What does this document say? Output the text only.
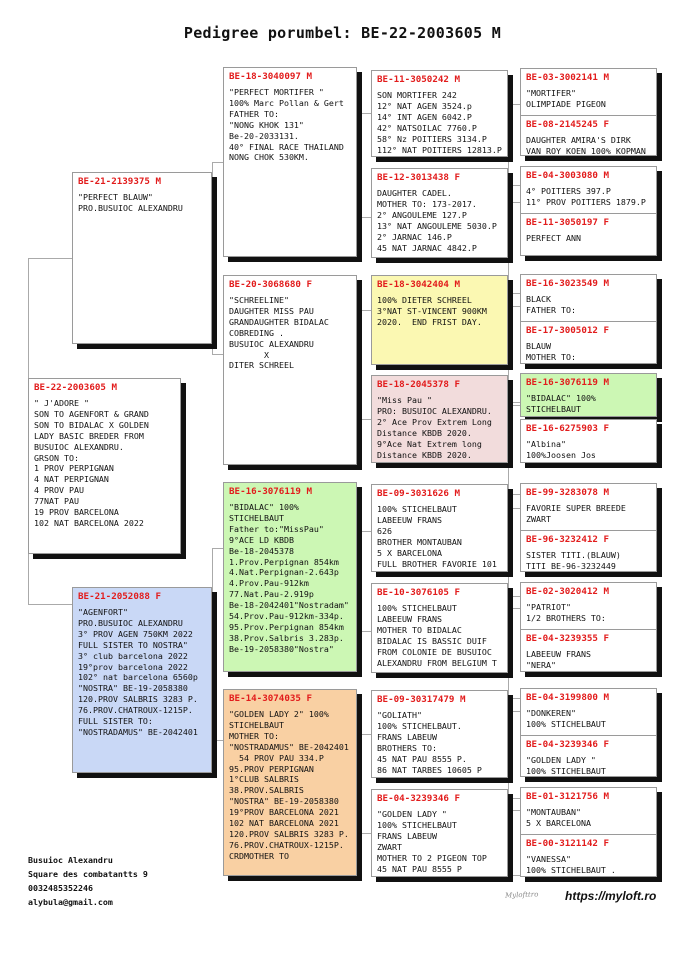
Pedigree porumbel: BE-22-2003605 M
BE-22-2003605 M
" J'ADORE "
SON TO AGENFORT & GRAND
SON TO BIDALAC X GOLDEN
LADY BASIC BREDER FROM
BUSUIOC ALEXANDRU.
GRSON TO:
1 PROV PERPIGNAN
4 NAT PERPIGNAN
4 PROV PAU
77NAT PAU
19 PROV BARCELONA
102 NAT BARCELONA 2022
BE-21-2139375 M
"PERFECT BLAUW"
PRO.BUSUIOC ALEXANDRU
BE-21-2052088 F
"AGENFORT"
PRO.BUSUIOC ALEXANDRU
3° PROV AGEN 750KM 2022
FULL SISTER TO NOSTRA"
3° club barcelona 2022
19°prov barcelona 2022
102° nat barcelona 6560p
"NOSTRA" BE-19-2058380
120.PROV SALBRIS 3283 P.
76.PROV.CHATROUX-1215P.
FULL SISTER TO:
"NOSTRADAMUS" BE-2042401
BE-18-3040097 M
"PERFECT MORTIFER "
100% Marc Pollan & Gert
FATHER TO:
"NONG KHOK 131"
Be-20-2033131.
40° FINAL RACE THAILAND
NONG CHOK 530KM.
BE-20-3068680 F
"SCHREELINE"
DAUGHTER MISS PAU
GRANDAUGHTER BIDALAC
COBREDING .
BUSUIOC ALEXANDRU
X
DITER SCHREEL
BE-16-3076119 M
"BIDALAC" 100%
STICHELBAUT
Father to:"MissPau"
9°ACE LD KBDB
Be-18-2045378
1.Prov.Perpignan 854km
4.Nat.Perpignan-2.643p
4.Prov.Pau-912km
77.Nat.Pau-2.919p
Be-18-2042401"Nostradam"
54.Prov.Pau-912km-334p.
95.Prov.Perpignan 854km
38.Prov.Salbris 3.283p.
Be-19-2058380"Nostra"
BE-14-3074035 F
"GOLDEN LADY 2" 100%
STICHELBAUT
MOTHER TO:
"NOSTRADAMUS" BE-2042401
54 PROV PAU 334.P
95.PROV PERPIGNAN
1°CLUB SALBRIS
38.PROV.SALBRIS
"NOSTRA" BE-19-2058380
19°PROV BARCELONA 2021
102 NAT BARCELONA 2021
120.PROV SALBRIS 3283 P.
76.PROV.CHATROUX-1215P.
CRDMOTHER TO
BE-11-3050242 M
SON MORTIFER 242
12° NAT AGEN 3524.p
14° INT AGEN 6042.P
42° NATSOILAC 7760.P
58° Nz POITIERS 3134.P
112° NAT POITIERS 12813.P
BE-12-3013438 F
DAUGHTER CADEL.
MOTHER TO: 173-2017.
2° ANGOULEME 127.P
13° NAT ANGOULEME 5030.P
2° JARNAC 146.P
45 NAT JARNAC 4842.P
BE-18-3042404 M
100% DIETER SCHREEL
3°NAT ST-VINCENT 900KM
2020.  END FRIST DAY.
BE-18-2045378 F
"Miss Pau "
PRO: BUSUIOC ALEXANDRU.
2° Ace Prov Extrem Long
Distance KBDB 2020.
9°Ace Nat Extrem long
Distance KBDB 2020.
BE-09-3031626 M
100% STICHELBAUT
LABEEUW FRANS
626
BROTHER MONTAUBAN
5 X BARCELONA
FULL BROTHER FAVORIE 101
BE-10-3076105 F
100% STICHELBAUT
LABEEUW FRANS
MOTHER TO BIDALAC
BIDALAC IS BASSIC DUIF
FROM COLONIE DE BUSUIOC
ALEXANDRU FROM BELGIUM T
BE-09-30317479 M
"GOLIATH"
100% STICHELBAUT.
FRANS LABEUW
BROTHERS TO:
45 NAT PAU 8555 P.
86 NAT TARBES 10605 P
BE-04-3239346 F
"GOLDEN LADY "
100% STICHELBAUT
FRANS LABEUW
ZWART
MOTHER TO 2 PIGEON TOP
45 NAT PAU 8555 P
BE-03-3002141 M
"MORTIFER"
OLIMPIADE PIGEON
BE-08-2145245 F
DAUGHTER AMIRA'S DIRK
VAN ROY KOEN 100% KOPMAN
BE-04-3003080 M
4° POITIERS 397.P
11° PROV POITIERS 1879.P
BE-11-3050197 F
PERFECT ANN
BE-16-3023549 M
BLACK
FATHER TO:
BE-17-3005012 F
BLAUW
MOTHER TO:
BE-16-3076119 M
"BIDALAC" 100%
STICHELBAUT
BE-16-6275903 F
"Albina"
100%Joosen Jos
BE-99-3283078 M
FAVORIE SUPER BREEDE
ZWART
BE-96-3232412 F
SISTER TITI.(BLAUW)
TITI BE-96-3232449
BE-02-3020412 M
"PATRIOT"
1/2 BROTHERS TO:
BE-04-3239355 F
LABEEUW FRANS
"NERA"
BE-04-3199800 M
"DONKEREN"
100% STICHELBAUT
BE-04-3239346 F
"GOLDEN LADY "
100% STICHELBAUT
BE-01-3121756 M
"MONTAUBAN"
5 X BARCELONA
BE-00-3121142 F
"VANESSA"
100% STICHELBAUT .
Busuioc Alexandru
Square des combatantts 9
0032485352246
alybula@gmail.com
Mylofttro https://myloft.ro
